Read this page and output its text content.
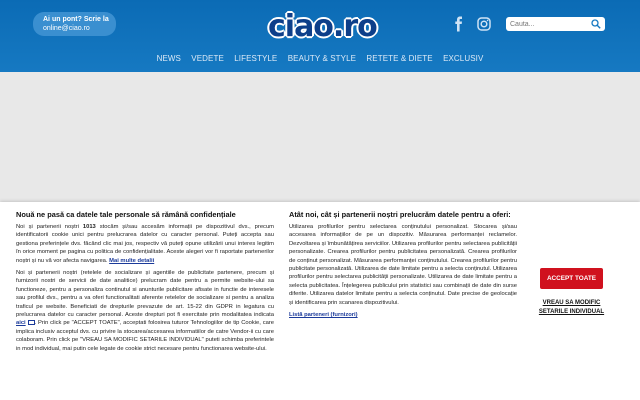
Ai un pont? Scrie la
online@ciao.ro	ciao.ro
Cauta...
NEWS VEDETE LIFESTYLE BEAUTY & STYLE RETETE & DIETE EXCLUSIV
Nouă ne pasă ca datele tale personale să rămână confidențiale
Noi și partenerii noștri 1013 stocăm și/sau accesăm informații pe dispozitivul dvs., precum identificatorii cookie unici pentru prelucrarea datelor cu caracter personal. Puteți accepta sau gestiona preferințele dvs. făcând clic mai jos, respectiv vă puteți opune utilizării unui interes legitim în orice moment pe pagina cu politica de confidențialitate. Aceste alegeri vor fi raportate partenerilor noștri și nu vă vor afecta navigarea. Mai multe detalii
Noi și partenerii noștri (retelele de socializare și agentiile de publicitate partenere, precum și furnizorii nostri de servicii de date analitice) prelucram date pentru a permite website-ului sa functioneze, pentru a personaliza continutul si anunturile publicitare afisate in functie de interesele sau profilul dvs., pentru a va oferi functionalitati aferente retelelor de socializare si pentru a analiza traficul pe website. Beneficiati de drepturile prevazute de art. 15-22 din GDPR in legatura cu prelucrarea datelor cu caracter personal. Aceste drepturi pot fi exercitate prin modalitatea indicata aici . Prin click pe "ACCEPT TOATE", acceptati folosirea tuturor Tehnologiilor de tip Cookie, care implica inclusiv acceptul dvs. cu privire la stocarea/accesarea informatiilor de catre Vendor-ii cu care colaboram. Prin click pe "VREAU SA MODIFIC SETARILE INDIVIDUAL" puteti schimba preferintele in mod individual, mai putin cele legate de cookie strict necesare pentru functionarea website-ului.
Atât noi, cât și partenerii noștri prelucrăm datele pentru a oferi:
Utilizarea profilurilor pentru selectarea conținutului personalizat. Stocarea și/sau accesarea informațiilor de pe un dispozitiv. Măsurarea performanței reclamelor. Dezvoltarea și îmbunătățirea serviciilor. Utilizarea profilurilor pentru selectarea publicității personalizate. Crearea profilurilor pentru publicitatea personalizată. Crearea profilurilor de conținut personalizat. Măsurarea performanței conținutului. Crearea profilurilor pentru publicitate personalizată. Utilizarea de date limitate pentru a selecta conținutul. Utilizarea profilurilor pentru selectarea publicității personalizate. Utilizarea de date limitate pentru a selecta publicitatea. Înțelegerea publicului prin statistici sau combinații de date din surse diferite. Utilizarea datelor limitate pentru a selecta conținutul. Date precise de geolocație și identificarea prin scanarea dispozitivului.
Listă parteneri (furnizori)
ACCEPT TOATE
VREAU SA MODIFIC SETARILE INDIVIDUAL
